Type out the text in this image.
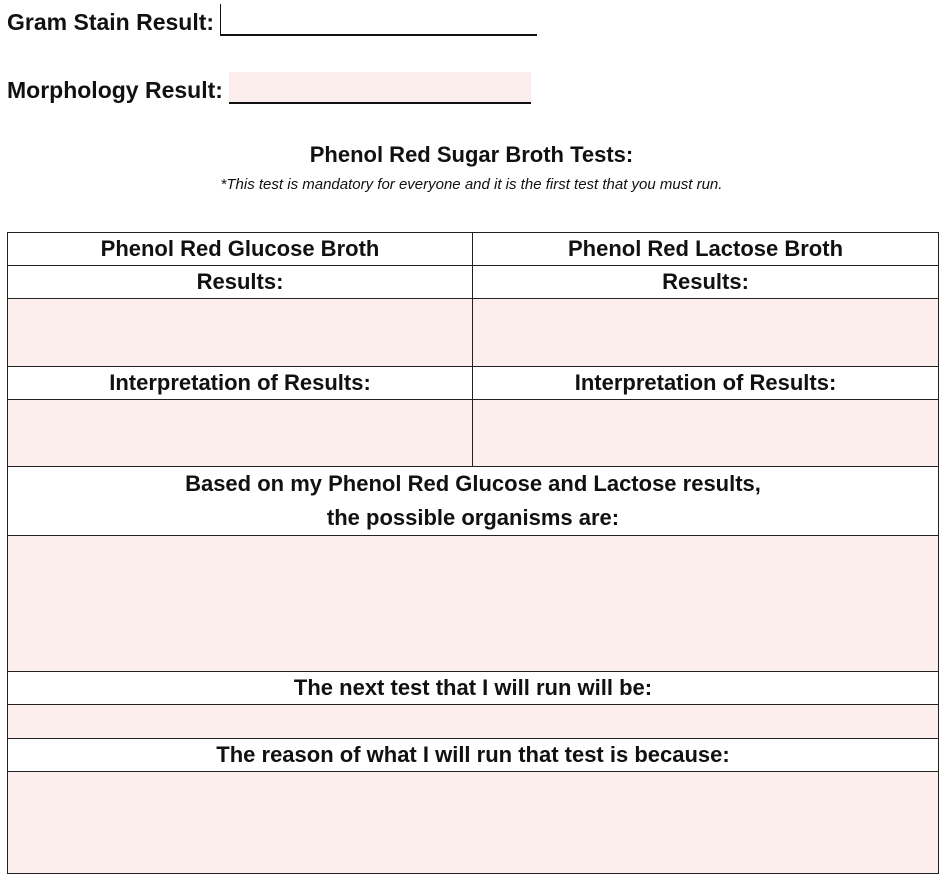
Gram Stain Result:
Morphology Result:
Phenol Red Sugar Broth Tests:
*This test is mandatory for everyone and it is the first test that you must run.
Phenol Red Glucose Broth	Phenol Red Lactose Broth
Results:	Results:

Interpretation of Results:	Interpretation of Results:

Based on my Phenol Red Glucose and Lactose results,
the possible organisms are:	

The next test that I will run will be:	

The reason of what I will run that test is because:	
